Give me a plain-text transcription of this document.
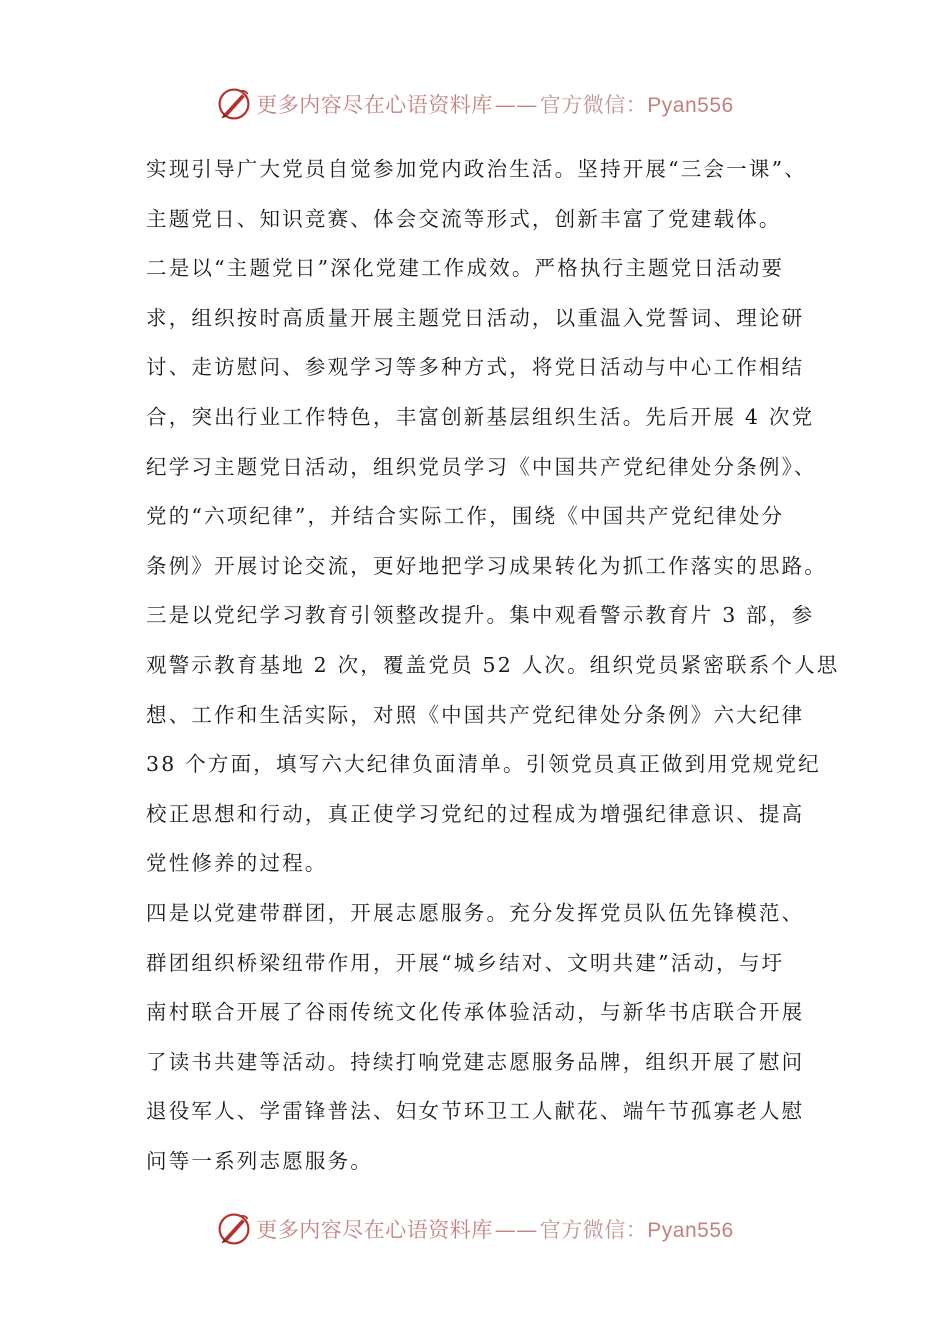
更多内容尽在心语资料库——官方微信：Pyan556
实现引导广大党员自觉参加党内政治生活。坚持开展“三会一课”、
主题党日、知识竞赛、体会交流等形式，创新丰富了党建载体。
二是以“主题党日”深化党建工作成效。严格执行主题党日活动要
求，组织按时高质量开展主题党日活动，以重温入党誓词、理论研
讨、走访慰问、参观学习等多种方式，将党日活动与中心工作相结
合，突出行业工作特色，丰富创新基层组织生活。先后开展 4 次党
纪学习主题党日活动，组织党员学习《中国共产党纪律处分条例》、
党的“六项纪律”，并结合实际工作，围绕《中国共产党纪律处分
条例》开展讨论交流，更好地把学习成果转化为抓工作落实的思路。
三是以党纪学习教育引领整改提升。集中观看警示教育片 3 部，参
观警示教育基地 2 次，覆盖党员 52 人次。组织党员紧密联系个人思
想、工作和生活实际，对照《中国共产党纪律处分条例》六大纪律
38 个方面，填写六大纪律负面清单。引领党员真正做到用党规党纪
校正思想和行动，真正使学习党纪的过程成为增强纪律意识、提高
党性修养的过程。
四是以党建带群团，开展志愿服务。充分发挥党员队伍先锋模范、
群团组织桥梁纽带作用，开展“城乡结对、文明共建”活动，与圩
南村联合开展了谷雨传统文化传承体验活动，与新华书店联合开展
了读书共建等活动。持续打响党建志愿服务品牌，组织开展了慰问
退役军人、学雷锋普法、妇女节环卫工人献花、端午节孤寡老人慰
问等一系列志愿服务。
更多内容尽在心语资料库——官方微信：Pyan556
